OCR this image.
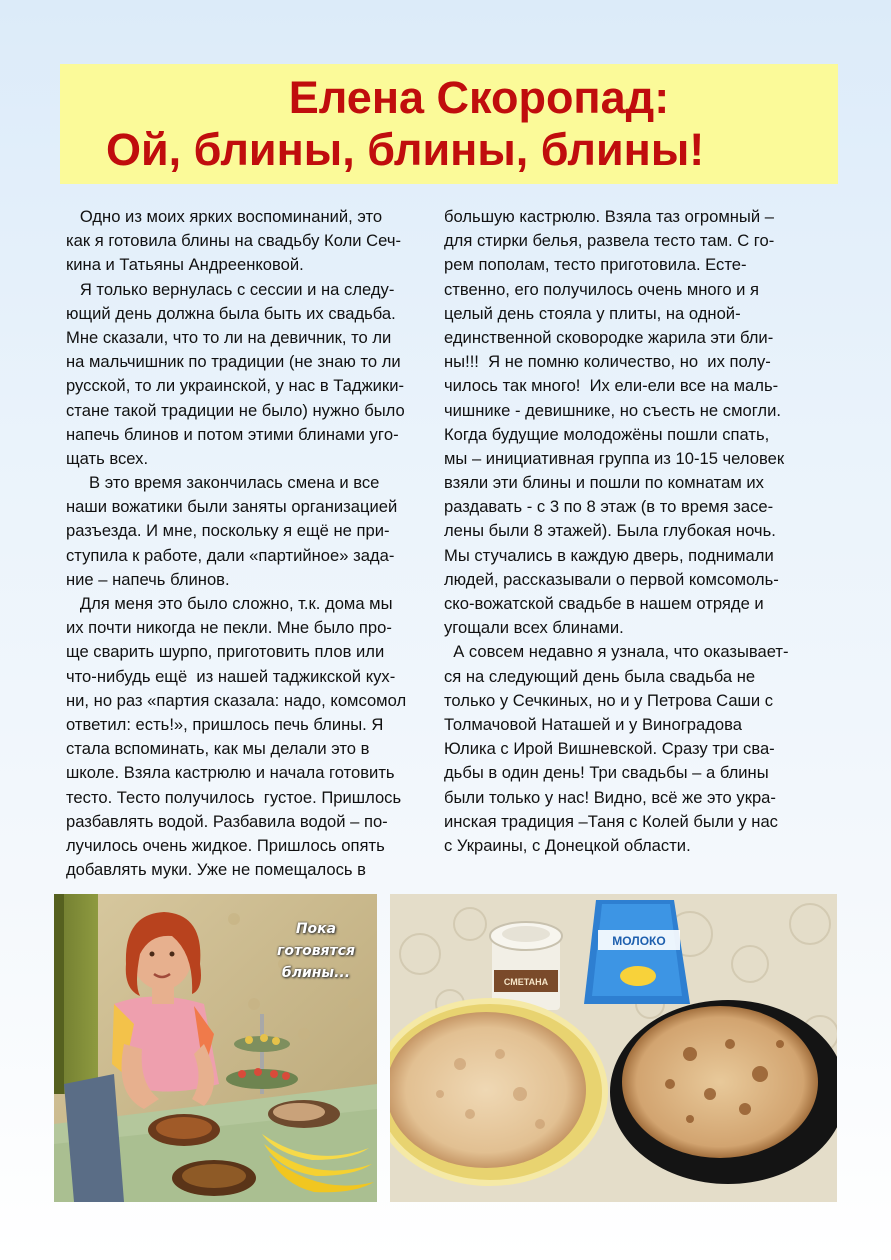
Елена Скоропад:
Ой, блины, блины, блины!
Одно из моих ярких воспоминаний, это
как я готовила блины на свадьбу Коли Сеч-
кина и Татьяны Андреенковой.
Я только вернулась с сессии и на следу-
ющий день должна была быть их свадьба.
Мне сказали, что то ли на девичник, то ли
на мальчишник по традиции (не знаю то ли
русской, то ли украинской, у нас в Таджики-
стане такой традиции не было) нужно было
напечь блинов и потом этими блинами угo-
щать всех.
В это время закончилась смена и все
наши вожатики были заняты организацией
разъезда. И мне, поскольку я ещё не при-
ступила к работе, дали «партийное» зада-
ние – напечь блинов.
Для меня это было сложно, т.к. дома мы
их почти никогда не пекли. Мне было про-
ще сварить шурпо, приготовить плов или
что-нибудь ещё  из нашей таджикской кух-
ни, но раз «партия сказала: надо, комсомол
ответил: есть!», пришлось печь блины. Я
стала вспоминать, как мы делали это в
школе. Взяла кастрюлю и начала готовить
тесто. Тесто получилось  густое. Пришлось
разбавлять водой. Разбавила водой – по-
лучилось очень жидкое. Пришлось опять
добавлять муки. Уже не помещалось в
большую кастрюлю. Взяла таз огромный –
для стирки белья, развела тесто там. С го-
рем пополам, тесто приготовила. Есте-
ственно, его получилось очень много и я
целый день стояла у плиты, на одной-
единственной сковородке жарила эти бли-
ны!!!  Я не помню количество, но  их полу-
чилось так много!  Их ели-ели все на маль-
чишнике - девишнике, но съесть не смогли.
Когда будущие молодожёны пошли спать,
мы – инициативная группа из 10-15 человек
взяли эти блины и пошли по комнатам их
раздавать - с 3 по 8 этаж (в то время засе-
лены были 8 этажей). Была глубокая ночь.
Мы стучались в каждую дверь, поднимали
людей, рассказывали о первой комсомоль-
ско-вожатской свадьбе в нашем отряде и
угощали всех блинами.
А совсем недавно я узнала, что оказывает-
ся на следующий день была свадьба не
только у Сечкиных, но и у Петрова Саши с
Толмачовой Наташей и у Виноградова
Юлика с Ирой Вишневской. Сразу три сва-
дьбы в один день! Три свадьбы – а блины
были только у нас! Видно, всё же это укра-
инская традиция –Таня с Колей были у нас
с Украины, с Донецкой области.
Пока
готовятся
блины...
СМЕТАНА
МОЛОКО
